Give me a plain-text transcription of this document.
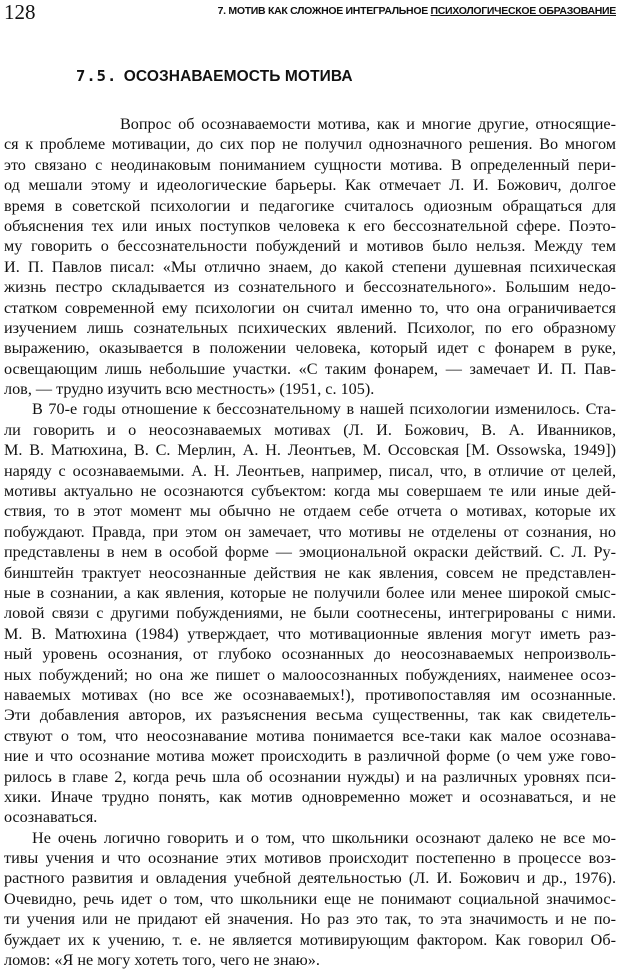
128	7. МОТИВ КАК СЛОЖНОЕ ИНТЕГРАЛЬНОЕ ПСИХОЛОГИЧЕСКОЕ ОБРАЗОВАНИЕ
7.5. ОСОЗНАВАЕМОСТЬ МОТИВА
Вопрос об осознаваемости мотива, как и многие другие, относящие-
ся к проблеме мотивации, до сих пор не получил однозначного решения. Во многом
это связано с неодинаковым пониманием сущности мотива. В определенный пери-
од мешали этому и идеологические барьеры. Как отмечает Л. И. Божович, долгое
время в советской психологии и педагогике считалось одиозным обращаться для
объяснения тех или иных поступков человека к его бессознательной сфере. Поэто-
му говорить о бессознательности побуждений и мотивов было нельзя. Между тем
И. П. Павлов писал: «Мы отлично знаем, до какой степени душевная психическая
жизнь пестро складывается из сознательного и бессознательного». Большим недо-
статком современной ему психологии он считал именно то, что она ограничивается
изучением лишь сознательных психических явлений. Психолог, по его образному
выражению, оказывается в положении человека, который идет с фонарем в руке,
освещающим лишь небольшие участки. «С таким фонарем, — замечает И. П. Пав-
лов, — трудно изучить всю местность» (1951, с. 105).
В 70-е годы отношение к бессознательному в нашей психологии изменилось. Ста-
ли говорить и о неосознаваемых мотивах (Л. И. Божович, В. А. Иванников,
М. В. Матюхина, В. С. Мерлин, А. Н. Леонтьев, М. Оссовская [M. Ossowska, 1949])
наряду с осознаваемыми. А. Н. Леонтьев, например, писал, что, в отличие от целей,
мотивы актуально не осознаются субъектом: когда мы совершаем те или иные дей-
ствия, то в этот момент мы обычно не отдаем себе отчета о мотивах, которые их
побуждают. Правда, при этом он замечает, что мотивы не отделены от сознания, но
представлены в нем в особой форме — эмоциональной окраски действий. С. Л. Ру-
бинштейн трактует неосознанные действия не как явления, совсем не представлен-
ные в сознании, а как явления, которые не получили более или менее широкой смыс-
ловой связи с другими побуждениями, не были соотнесены, интегрированы с ними.
М. В. Матюхина (1984) утверждает, что мотивационные явления могут иметь раз-
ный уровень осознания, от глубоко осознанных до неосознаваемых непроизволь-
ных побуждений; но она же пишет о малоосознанных побуждениях, наименее осоз-
наваемых мотивах (но все же осознаваемых!), противопоставляя им осознанные.
Эти добавления авторов, их разъяснения весьма существенны, так как свидетель-
ствуют о том, что неосознавание мотива понимается все-таки как малое осознава-
ние и что осознание мотива может происходить в различной форме (о чем уже гово-
рилось в главе 2, когда речь шла об осознании нужды) и на различных уровнях пси-
хики. Иначе трудно понять, как мотив одновременно может и осознаваться, и не
осознаваться.
Не очень логично говорить и о том, что школьники осознают далеко не все мо-
тивы учения и что осознание этих мотивов происходит постепенно в процессе воз-
растного развития и овладения учебной деятельностью (Л. И. Божович и др., 1976).
Очевидно, речь идет о том, что школьники еще не понимают социальной значимос-
ти учения или не придают ей значения. Но раз это так, то эта значимость и не по-
буждает их к учению, т. е. не является мотивирующим фактором. Как говорил Об-
ломов: «Я не могу хотеть того, чего не знаю».
